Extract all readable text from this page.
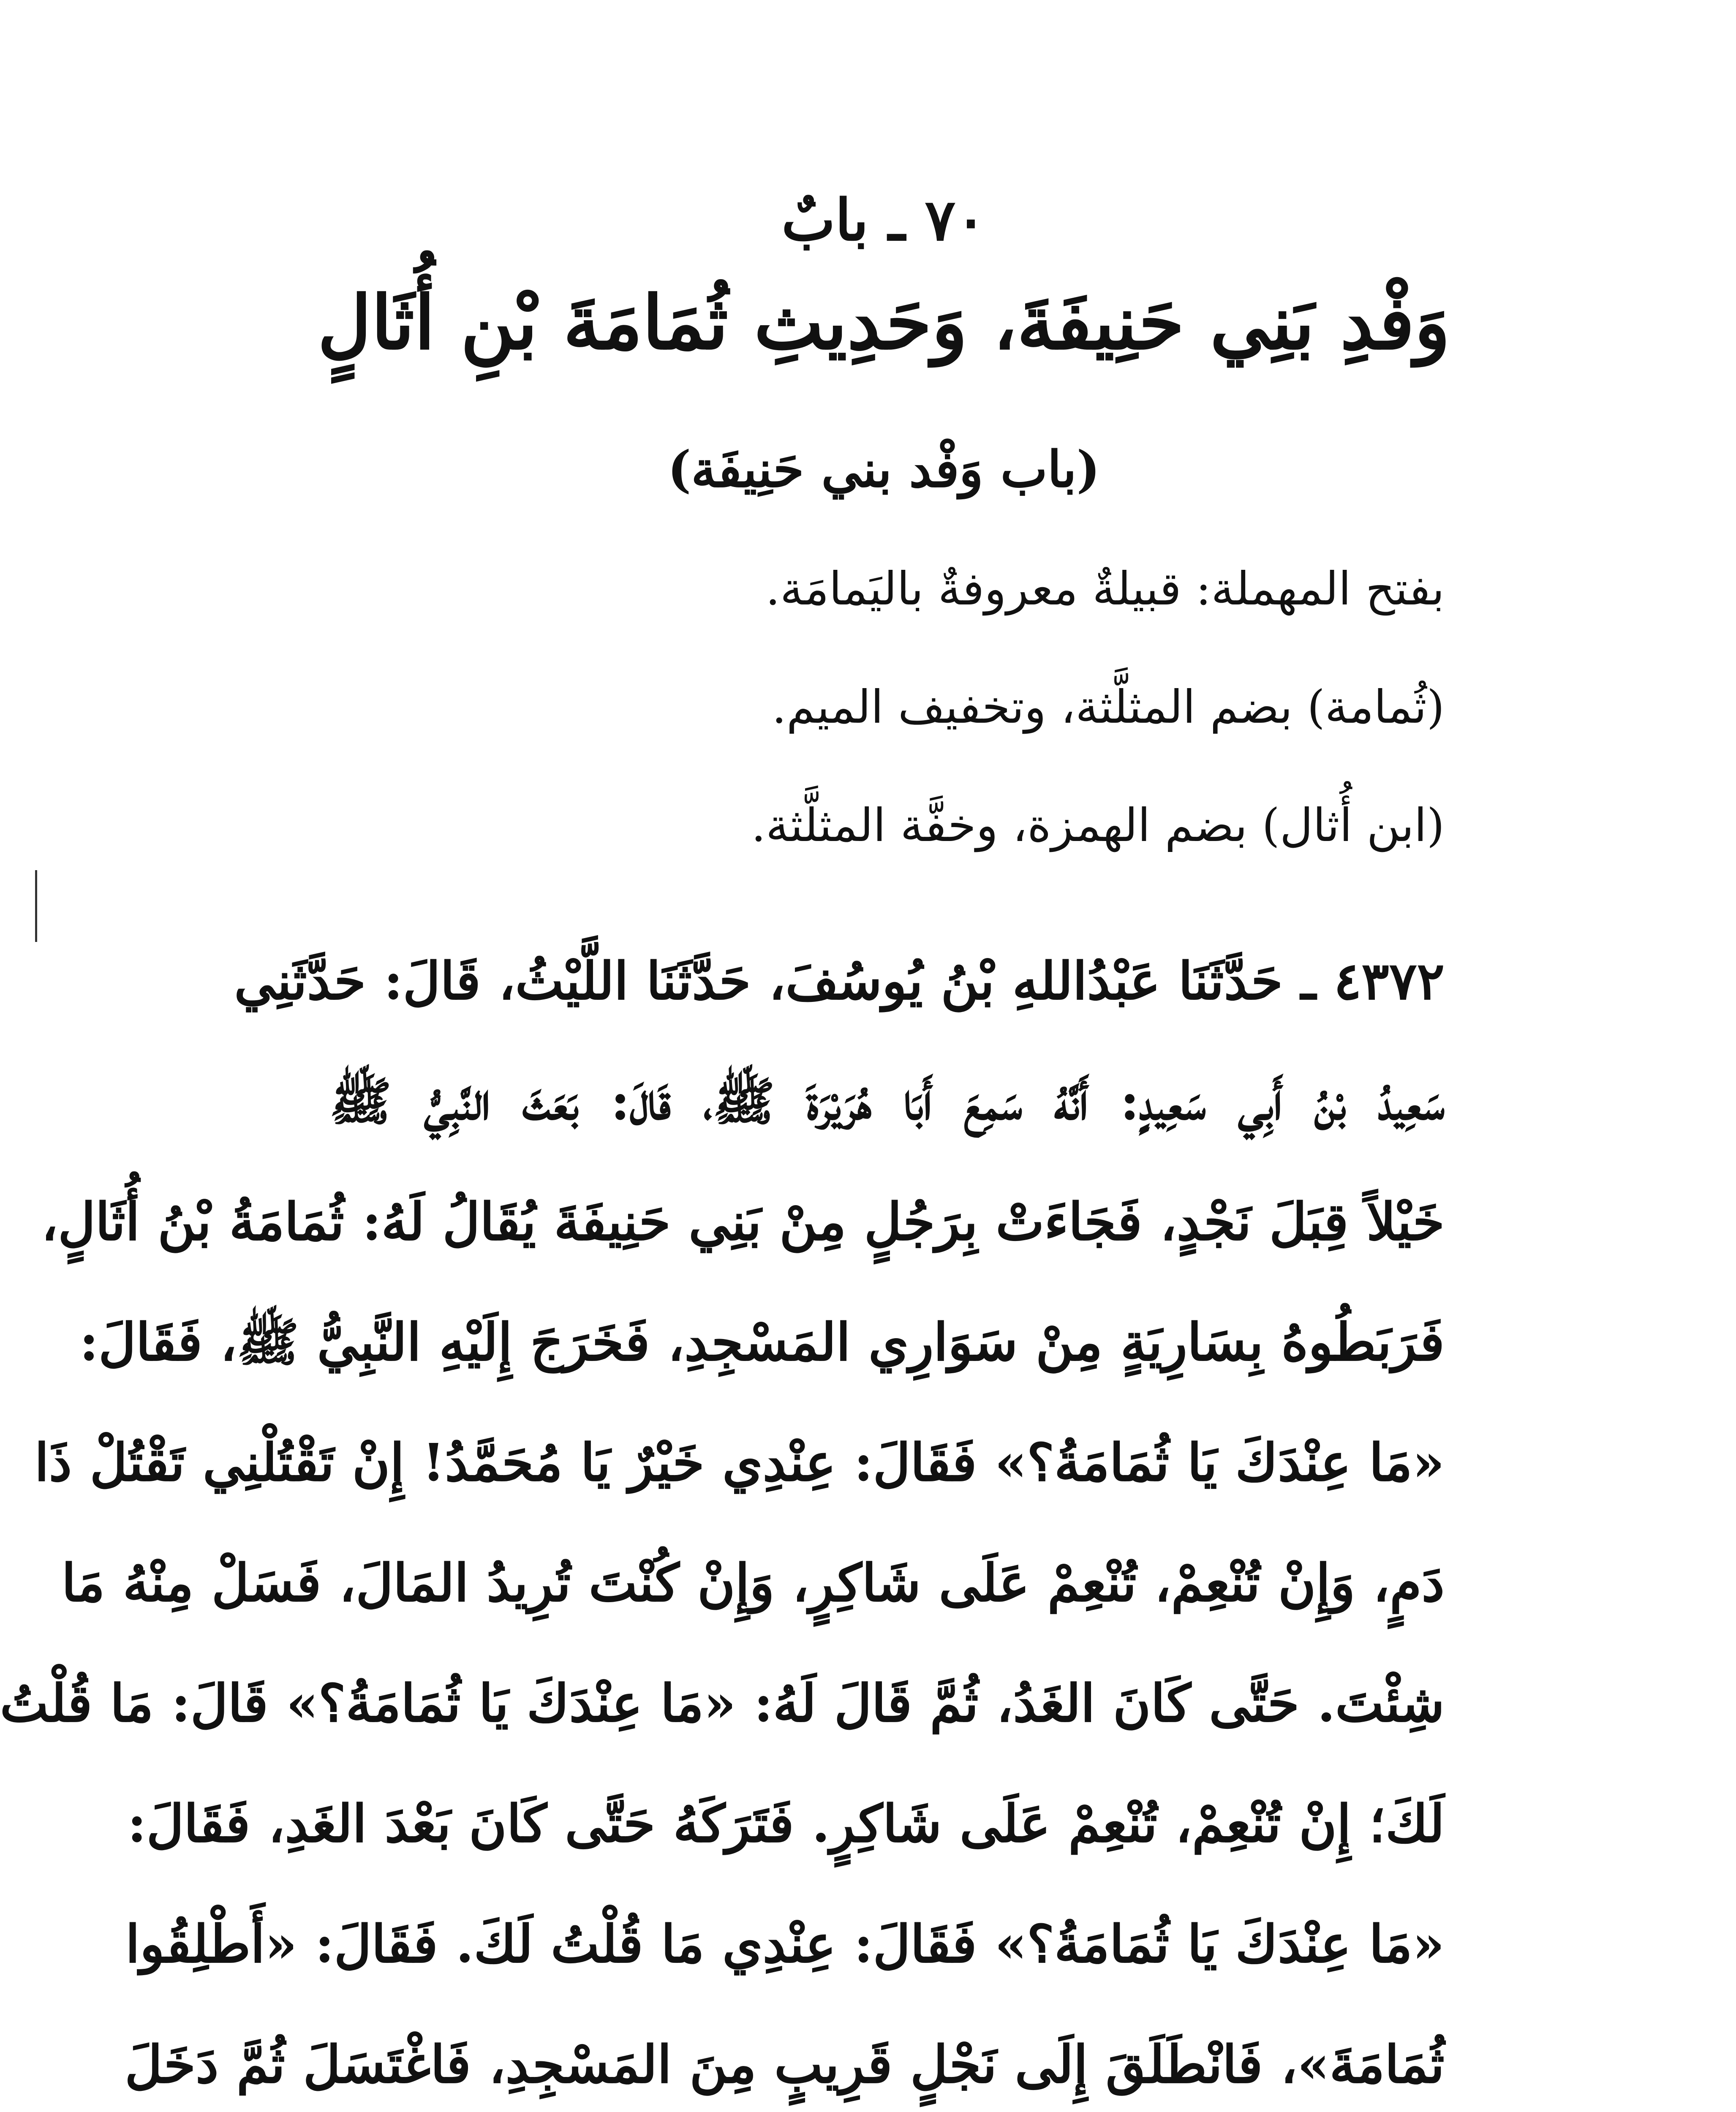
٧٠ ـ بابٌ
وَفْدِ بَنِي حَنِيفَةَ، وَحَدِيثِ ثُمَامَةَ بْنِ أُثَالٍ
(باب وَفْد بني حَنِيفَة)
بفتح المهملة: قبيلةٌ معروفةٌ باليَمامَة.
(ثُمامة) بضم المثلَّثة، وتخفيف الميم.
(ابن أُثال) بضم الهمزة، وخفَّة المثلَّثة.
٤٣٧٢ ـ حَدَّثَنَا عَبْدُاللهِ بْنُ يُوسُفَ، حَدَّثَنَا اللَّيْثُ، قَالَ: حَدَّثَنِي
سَعِيدُ بْنُ أَبِي سَعِيدٍ: أَنَّهُ سَمِعَ أَبَا هُرَيْرَةَ ﷺ، قَالَ: بَعَثَ النَّبِيُّ ﷺ
خَيْلاً قِبَلَ نَجْدٍ، فَجَاءَتْ بِرَجُلٍ مِنْ بَنِي حَنِيفَةَ يُقَالُ لَهُ: ثُمَامَةُ بْنُ أُثَالٍ،
فَرَبَطُوهُ بِسَارِيَةٍ مِنْ سَوَارِي المَسْجِدِ، فَخَرَجَ إِلَيْهِ النَّبِيُّ ﷺ، فَقَالَ:
«مَا عِنْدَكَ يَا ثُمَامَةُ؟» فَقَالَ: عِنْدِي خَيْرٌ يَا مُحَمَّدُ! إِنْ تَقْتُلْنِي تَقْتُلْ ذَا
دَمٍ، وَإِنْ تُنْعِمْ، تُنْعِمْ عَلَى شَاكِرٍ، وَإِنْ كُنْتَ تُرِيدُ المَالَ، فَسَلْ مِنْهُ مَا
شِئْتَ. حَتَّى كَانَ الغَدُ، ثُمَّ قَالَ لَهُ: «مَا عِنْدَكَ يَا ثُمَامَةُ؟» قَالَ: مَا قُلْتُ
لَكَ؛ إِنْ تُنْعِمْ، تُنْعِمْ عَلَى شَاكِرٍ. فَتَرَكَهُ حَتَّى كَانَ بَعْدَ الغَدِ، فَقَالَ:
«مَا عِنْدَكَ يَا ثُمَامَةُ؟» فَقَالَ: عِنْدِي مَا قُلْتُ لَكَ. فَقَالَ: «أَطْلِقُوا
ثُمَامَةَ»، فَانْطَلَقَ إِلَى نَجْلٍ قَرِيبٍ مِنَ المَسْجِدِ، فَاغْتَسَلَ ثُمَّ دَخَلَ
